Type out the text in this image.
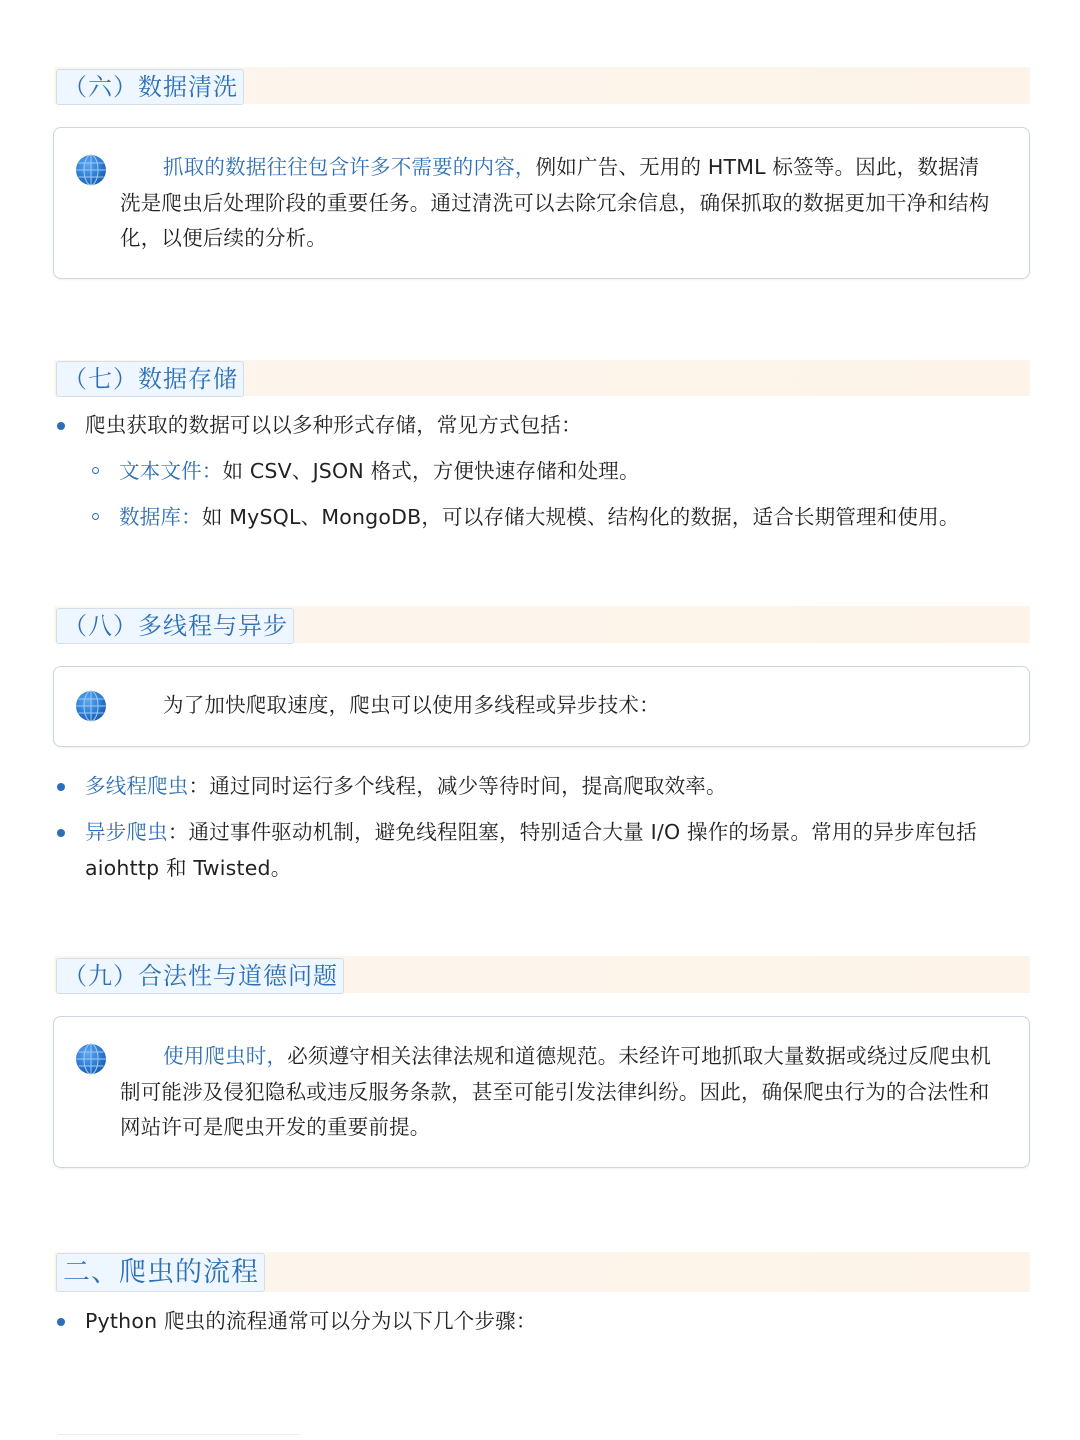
（六）数据清洗
抓取的数据往往包含许多不需要的内容，例如广告、无用的 HTML 标签等。因此，数据清洗是爬虫后处理阶段的重要任务。通过清洗可以去除冗余信息，确保抓取的数据更加干净和结构化，以便后续的分析。
（七）数据存储
爬虫获取的数据可以以多种形式存储，常见方式包括：
文本文件：如 CSV、JSON 格式，方便快速存储和处理。
数据库：如 MySQL、MongoDB，可以存储大规模、结构化的数据，适合长期管理和使用。
（八）多线程与异步
为了加快爬取速度，爬虫可以使用多线程或异步技术：
多线程爬虫：通过同时运行多个线程，减少等待时间，提高爬取效率。
异步爬虫：通过事件驱动机制，避免线程阻塞，特别适合大量 I/O 操作的场景。常用的异步库包括 aiohttp 和 Twisted。
（九）合法性与道德问题
使用爬虫时，必须遵守相关法律法规和道德规范。未经许可地抓取大量数据或绕过反爬虫机制可能涉及侵犯隐私或违反服务条款，甚至可能引发法律纠纷。因此，确保爬虫行为的合法性和网站许可是爬虫开发的重要前提。
二、爬虫的流程
Python 爬虫的流程通常可以分为以下几个步骤：
